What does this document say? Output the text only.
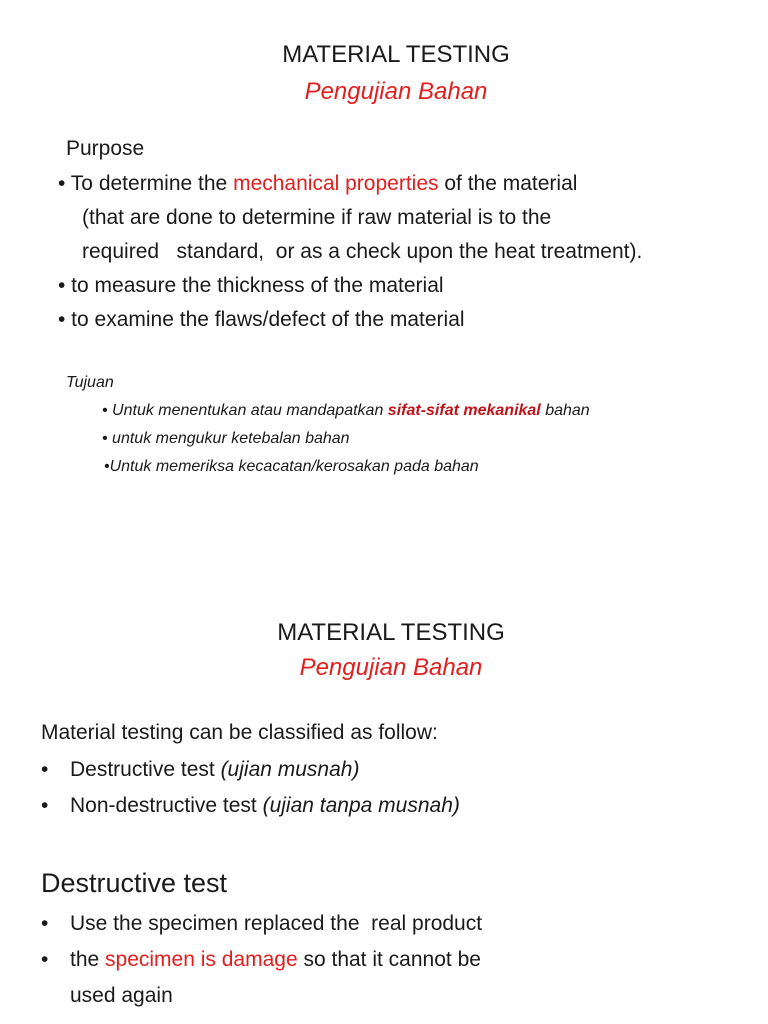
MATERIAL TESTING
Pengujian Bahan
Purpose
• To determine the mechanical properties of the material
(that are done to determine if raw material is to the
required   standard,  or as a check upon the heat treatment).
• to measure the thickness of the material
• to examine the flaws/defect of the material
Tujuan
• Untuk menentukan atau mandapatkan sifat-sifat mekanikal bahan
• untuk mengukur ketebalan bahan
•Untuk memeriksa kecacatan/kerosakan pada bahan
MATERIAL TESTING
Pengujian Bahan
Material testing can be classified as follow:
• Destructive test (ujian musnah)
• Non-destructive test (ujian tanpa musnah)
Destructive test
• Use the specimen replaced the  real product
• the specimen is damage so that it cannot be
used again
